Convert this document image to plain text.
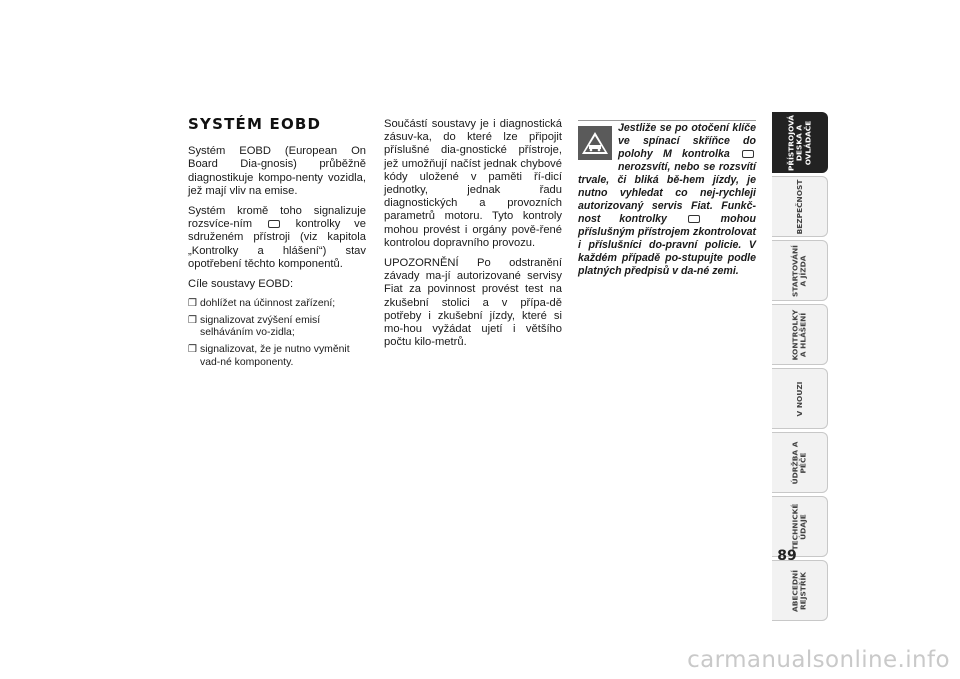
SYSTÉM EOBD

Systém EOBD (European On Board Dia-gnosis) průběžně diagnostikuje kompo-nenty vozidla, jež mají vliv na emise.

Systém kromě toho signalizuje rozsvíce-ním	kontrolky ve sdruženém přístroji (viz kapitola „Kontrolky a hlášení“) stav opotřebení těchto komponentů.

Cíle soustavy EOBD:

❒ dohlížet na účinnost zařízení;
❒ signalizovat zvýšení emisí selháváním vo-zidla;
❒ signalizovat, že je nutno vyměnit vad-né komponenty.

Součástí soustavy je i diagnostická zásuv-ka, do které lze připojit příslušné dia-gnostické přístroje, jež umožňují načíst jednak chybové kódy uložené v paměti ří-dicí jednotky, jednak řadu diagnostických a provozních parametrů motoru. Tyto kontroly mohou provést i orgány pově-řené kontrolou dopravního provozu.

UPOZORNĚNÍ Po odstranění závady ma-jí autorizované servisy Fiat za povinnost provést test na zkušební stolici a v přípa-dě potřeby i zkušební jízdy, které si mo-hou vyžádat ujetí i většího počtu kilo-metrů.

Jestliže se po otočení klíče ve spínací skříňce do polohy M kontrolka  nerozsvítí, nebo se rozsvítí trvale, či bliká bě-hem jízdy, je nutno vyhledat co nej-rychleji autorizovaný servis Fiat. Funkč-nost kontrolky	mohou příslušným přístrojem zkontrolovat i příslušníci do-pravní policie. V každém případě po-stupujte podle platných předpisů v da-né zemi.
PŘÍSTROJOVÁ
DESKA A
OVLÁDAČE
BEZPEČNOST
STARTOVÁNÍ
A JÍZDA
KONTROLKY
A HLÁŠENÍ
V NOUZI
ÚDRŽBA A
PÉČE
TECHNICKÉ
ÚDAJE
ABECEDNÍ
REJSTŘÍK
89
carmanualsonline.info
